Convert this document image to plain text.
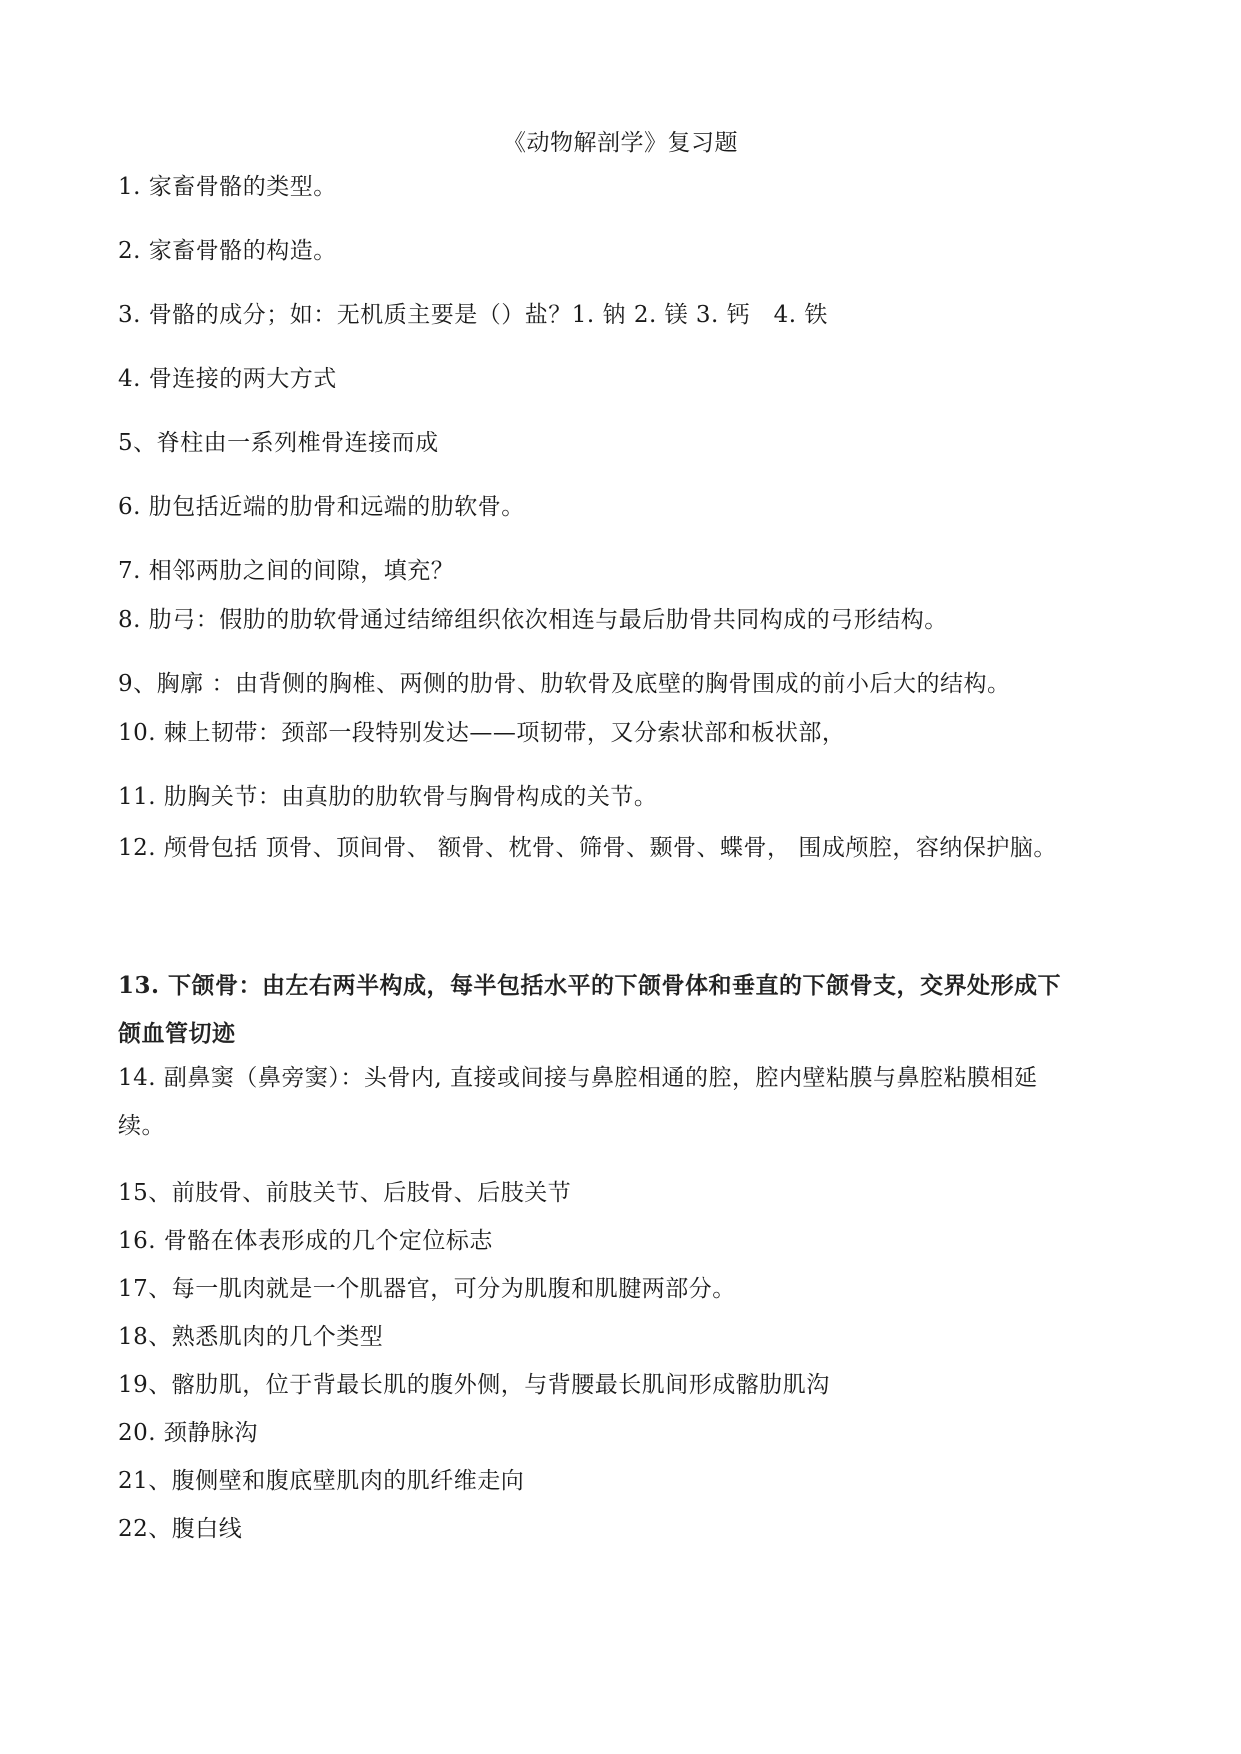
《动物解剖学》复习题
1. 家畜骨骼的类型。
2. 家畜骨骼的构造。
3. 骨骼的成分；如：无机质主要是（）盐？1. 钠 2. 镁 3. 钙　4. 铁
4. 骨连接的两大方式
5、脊柱由一系列椎骨连接而成
6. 肋包括近端的肋骨和远端的肋软骨。
7. 相邻两肋之间的间隙，填充？
8. 肋弓：假肋的肋软骨通过结缔组织依次相连与最后肋骨共同构成的弓形结构。
9、胸廓 ：由背侧的胸椎、两侧的肋骨、肋软骨及底壁的胸骨围成的前小后大的结构。
10. 棘上韧带：颈部一段特别发达——项韧带，又分索状部和板状部，
11. 肋胸关节：由真肋的肋软骨与胸骨构成的关节。
12. 颅骨包括 顶骨、顶间骨、 额骨、枕骨、筛骨、颞骨、蝶骨， 围成颅腔，容纳保护脑。
13. 下颌骨：由左右两半构成，每半包括水平的下颌骨体和垂直的下颌骨支，交界处形成下颌血管切迹
14. 副鼻窦（鼻旁窦）：头骨内, 直接或间接与鼻腔相通的腔，腔内壁粘膜与鼻腔粘膜相延续。
15、前肢骨、前肢关节、后肢骨、后肢关节
16. 骨骼在体表形成的几个定位标志
17、每一肌肉就是一个肌器官，可分为肌腹和肌腱两部分。
18、熟悉肌肉的几个类型
19、髂肋肌，位于背最长肌的腹外侧，与背腰最长肌间形成髂肋肌沟
20. 颈静脉沟
21、腹侧壁和腹底壁肌肉的肌纤维走向
22、腹白线
